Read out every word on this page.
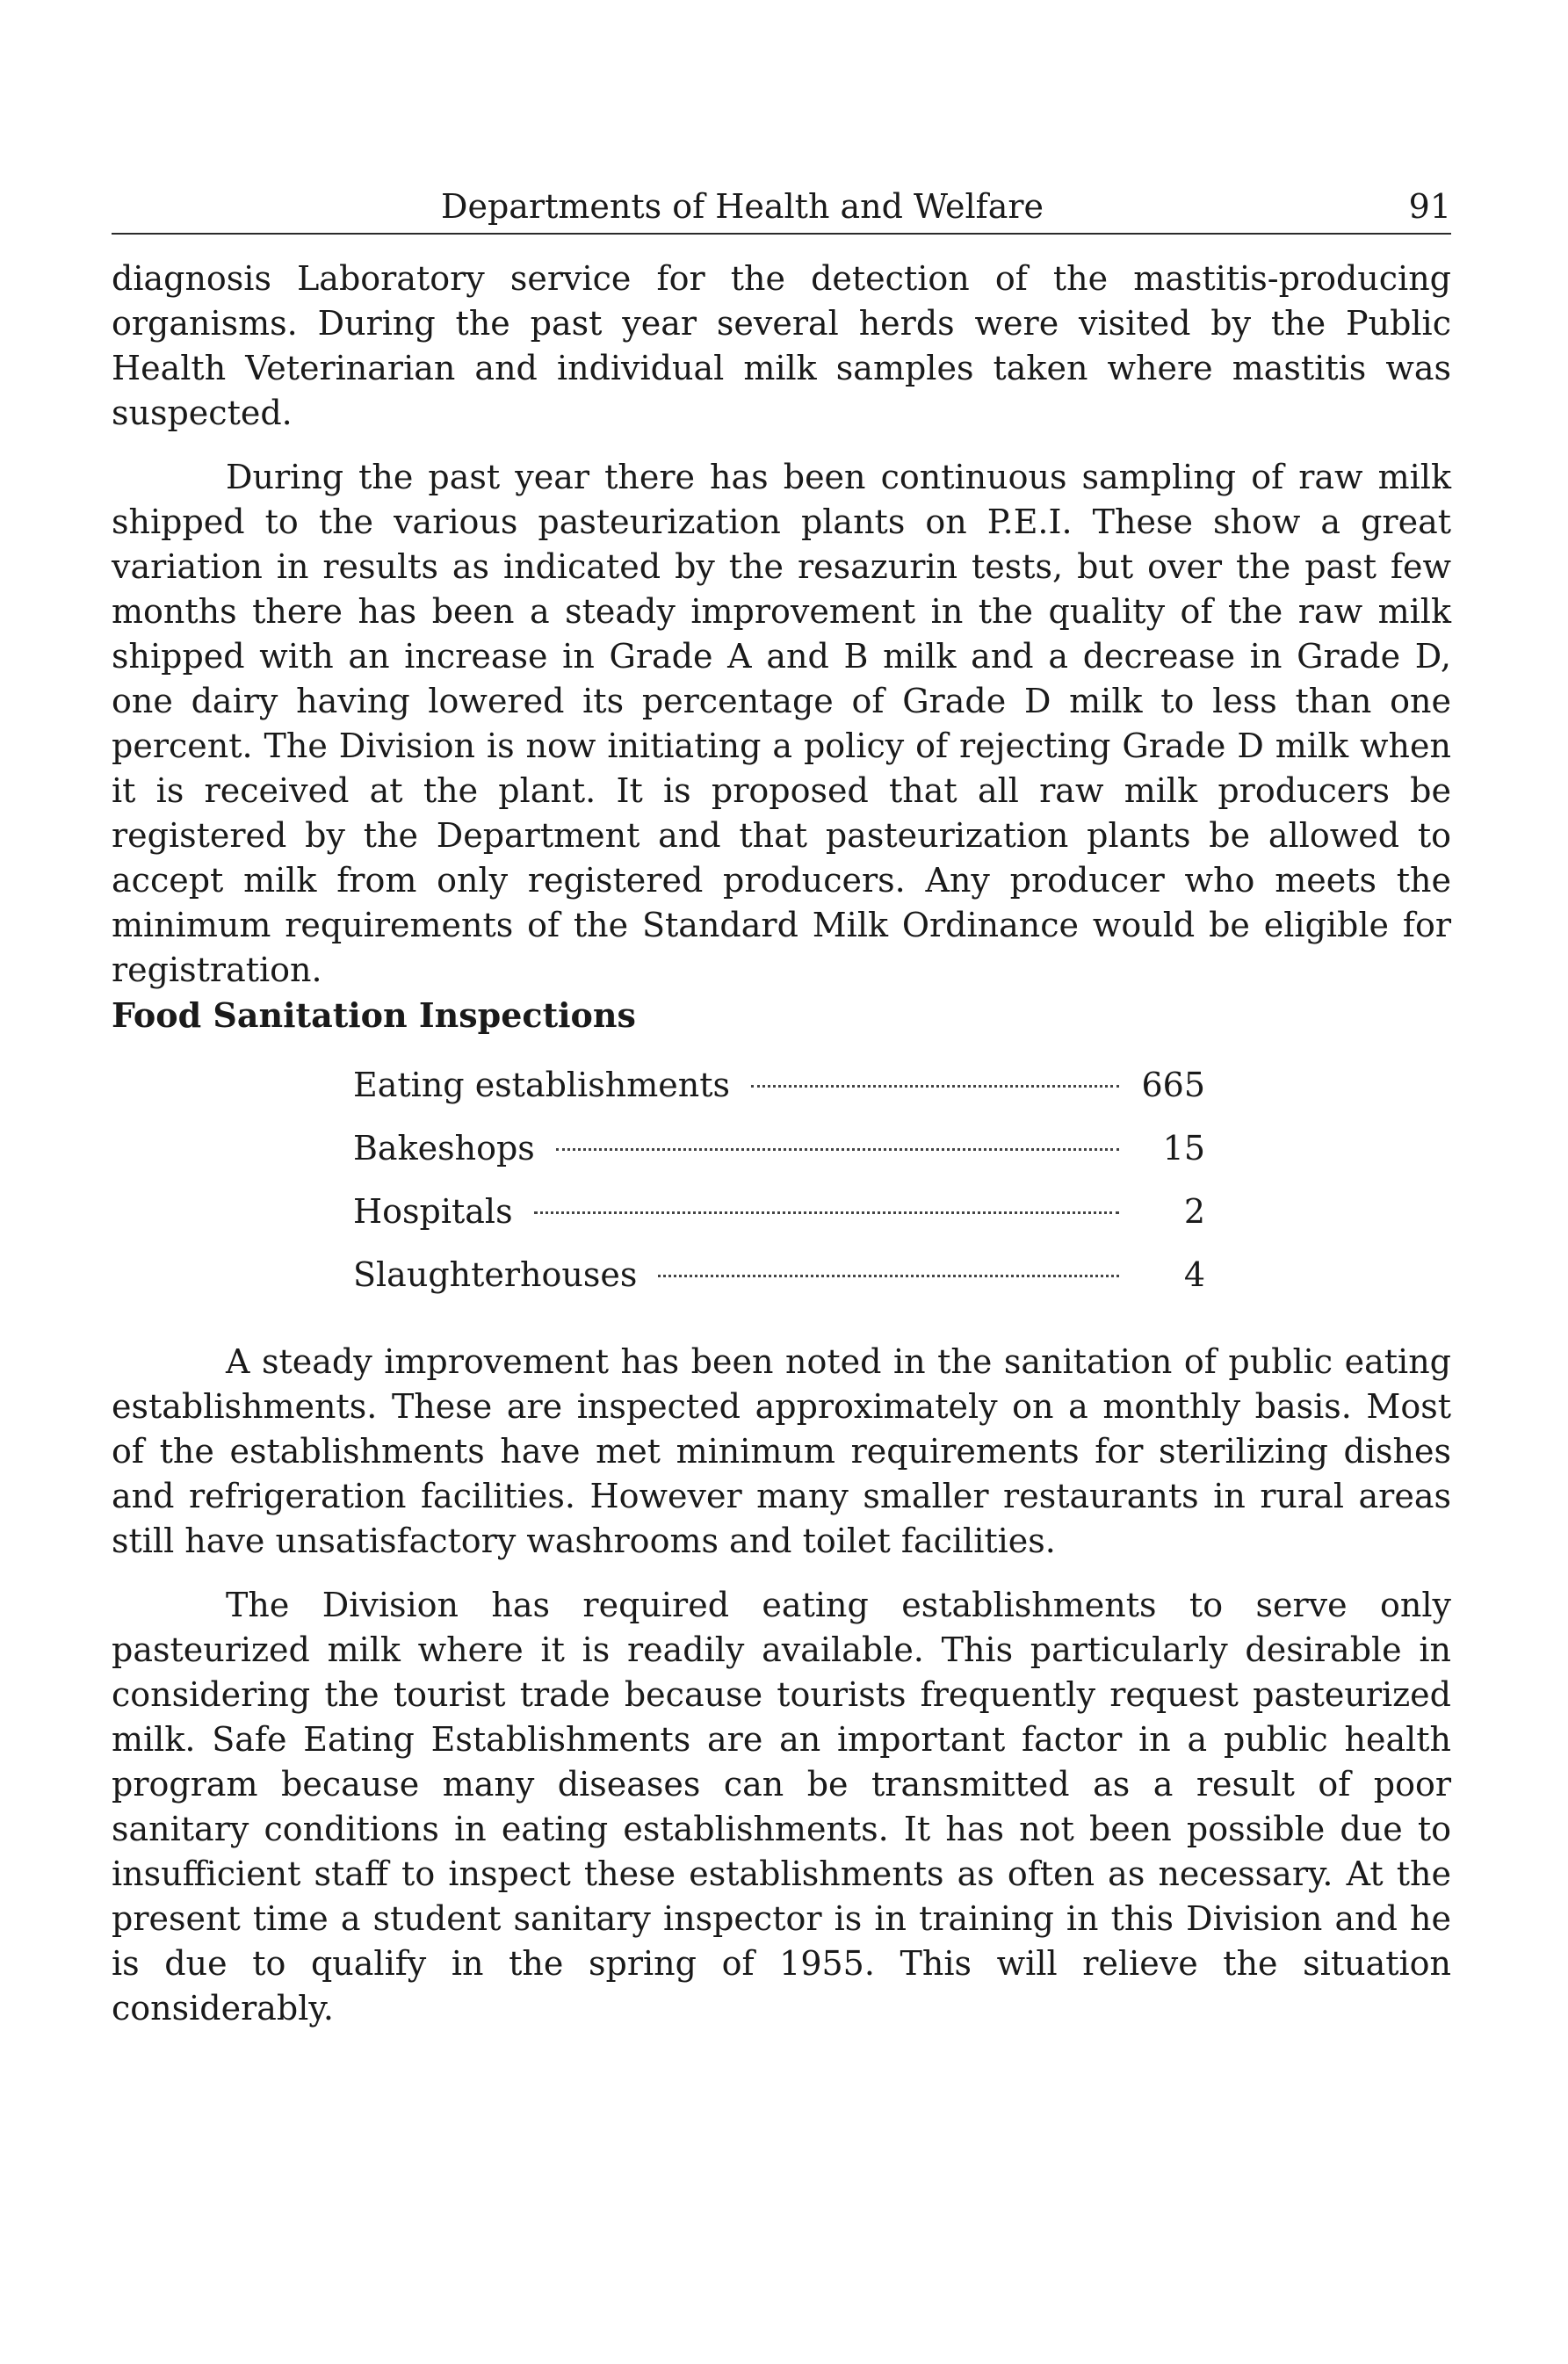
Departments of Health and Welfare	91

diagnosis Laboratory service for the detection of the mastitis-producing organisms. During the past year several herds were visited by the Public Health Veterinarian and individual milk samples taken where mastitis was suspected.

During the past year there has been continuous sampling of raw milk shipped to the various pasteurization plants on P.E.I. These show a great variation in results as indicated by the resazurin tests, but over the past few months there has been a steady improvement in the quality of the raw milk shipped with an increase in Grade A and B milk and a decrease in Grade D, one dairy having lowered its percentage of Grade D milk to less than one percent. The Division is now initiating a policy of rejecting Grade D milk when it is received at the plant. It is proposed that all raw milk producers be registered by the Department and that pasteurization plants be allowed to accept milk from only registered producers. Any producer who meets the minimum requirements of the Standard Milk Ordinance would be eligible for registration.

Food Sanitation Inspections
Eating establishments	665
Bakeshops	15
Hospitals	2
Slaughterhouses	4

A steady improvement has been noted in the sanitation of public eating establishments. These are inspected approximately on a monthly basis. Most of the establishments have met minimum requirements for sterilizing dishes and refrigeration facilities. However many smaller restaurants in rural areas still have unsatisfactory washrooms and toilet facilities.

The Division has required eating establishments to serve only pasteurized milk where it is readily available. This particularly desirable in considering the tourist trade because tourists frequently request pasteurized milk. Safe Eating Establishments are an important factor in a public health program because many diseases can be transmitted as a result of poor sanitary conditions in eating establishments. It has not been possible due to insufficient staff to inspect these establishments as often as necessary. At the present time a student sanitary inspector is in training in this Division and he is due to qualify in the spring of 1955. This will relieve the situation considerably.
